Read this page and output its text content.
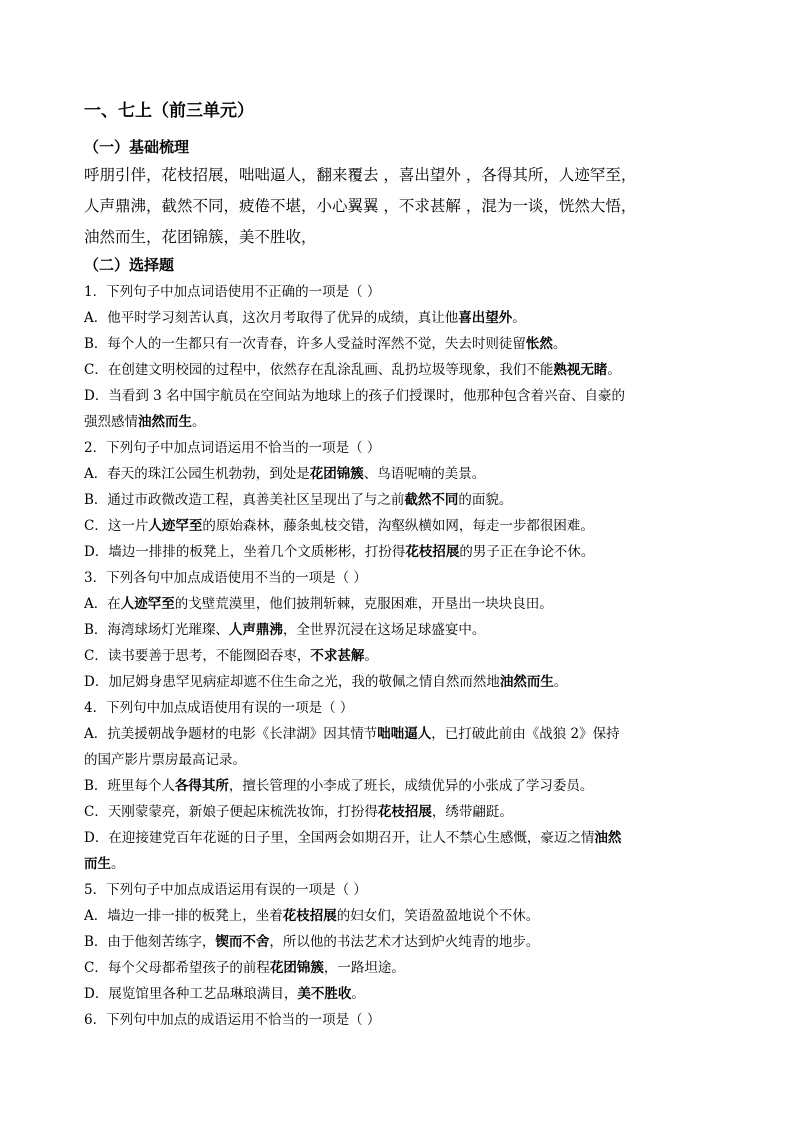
一、七上（前三单元）
（一）基础梳理
呼朋引伴，花枝招展，咄咄逼人，翻来覆去 ，喜出望外 ，各得其所，人迹罕至，
人声鼎沸，截然不同，疲倦不堪，小心翼翼 ，不求甚解 ，混为一谈，恍然大悟，
油然而生，花团锦簇，美不胜收，
（二）选择题
1．下列句子中加点词语使用不正确的一项是（ ）
A．他平时学习刻苦认真，这次月考取得了优异的成绩，真让他喜出望外。
B．每个人的一生都只有一次青春，许多人受益时浑然不觉，失去时则徒留怅然。
C．在创建文明校园的过程中，依然存在乱涂乱画、乱扔垃圾等现象，我们不能熟视无睹。
D．当看到 3 名中国宇航员在空间站为地球上的孩子们授课时，他那种包含着兴奋、自豪的
强烈感情油然而生。
2．下列句子中加点词语运用不恰当的一项是（ ）
A．春天的珠江公园生机勃勃，到处是花团锦簇、鸟语呢喃的美景。
B．通过市政微改造工程，真善美社区呈现出了与之前截然不同的面貌。
C．这一片人迹罕至的原始森林，藤条虬枝交错，沟壑纵横如网，每走一步都很困难。
D．墙边一排排的板凳上，坐着几个文质彬彬，打扮得花枝招展的男子正在争论不休。
3．下列各句中加点成语使用不当的一项是（ ）
A．在人迹罕至的戈壁荒漠里，他们披荆斩棘，克服困难，开垦出一块块良田。
B．海湾球场灯光璀璨、人声鼎沸，全世界沉浸在这场足球盛宴中。
C．读书要善于思考，不能囫囵吞枣，不求甚解。
D．加尼姆身患罕见病症却遮不住生命之光，我的敬佩之情自然而然地油然而生。
4．下列句中加点成语使用有误的一项是（ ）
A．抗美援朝战争题材的电影《长津湖》因其情节咄咄逼人，已打破此前由《战狼 2》保持
的国产影片票房最高记录。
B．班里每个人各得其所，擅长管理的小李成了班长，成绩优异的小张成了学习委员。
C．天刚蒙蒙亮，新娘子便起床梳洗妆饰，打扮得花枝招展，绣带翩跹。
D．在迎接建党百年花诞的日子里，全国两会如期召开，让人不禁心生感慨，豪迈之情油然
而生。
5．下列句子中加点成语运用有误的一项是（ ）
A．墙边一排一排的板凳上，坐着花枝招展的妇女们，笑语盈盈地说个不休。
B．由于他刻苦练字，锲而不舍，所以他的书法艺术才达到炉火纯青的地步。
C．每个父母都希望孩子的前程花团锦簇，一路坦途。
D．展览馆里各种工艺品琳琅满目，美不胜收。
6．下列句中加点的成语运用不恰当的一项是（ ）
